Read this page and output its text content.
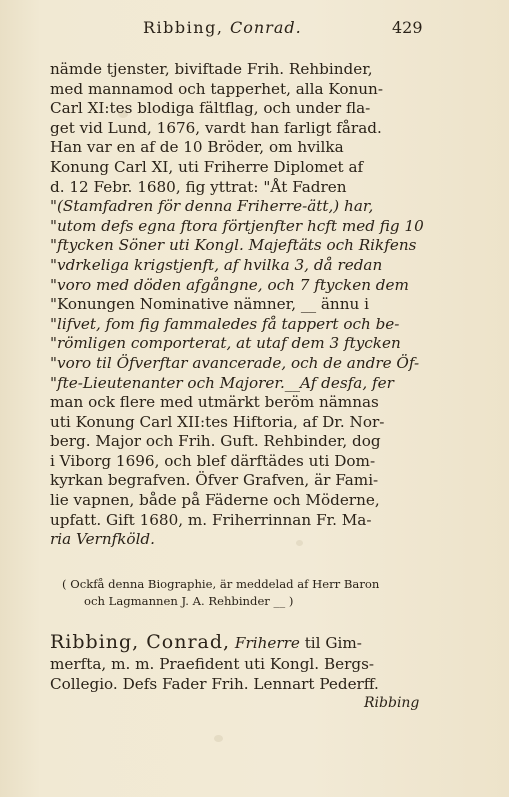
Ribbing, Conrad.	429
nämde tjenster, biviftade Frih. Rehbinder,
med mannamod och tapperhet, alla Konun-
Carl XI:tes blodiga fältflag, och under fla-
get vid Lund, 1676, vardt han farligt fårad.
Han var en af de 10 Bröder, om hvilka
Konung Carl XI, uti Friherre Diplomet af
d. 12 Febr. 1680, fig yttrat: "Åt Fadren
"(Stamfadren för denna Friherre-ätt,) har,
"utom defs egna ftora förtjenfter hcft med fig 10
"ftycken Söner uti Kongl. Majeftäts och Rikfens
"vdrkeliga krigstjenft, af hvilka 3, då redan
"voro med döden afgångne, och 7 ftycken dem
"Konungen Nominative nämner, __ ännu i
"lifvet, fom fig fammaledes få tappert och be-
"römligen comporterat, at utaf dem 3 ftycken
"voro til Öfverftar avancerade, och de andre Öf-
"fte-Lieutenanter och Majorer.__Af desfa, fer
man ock flere med utmärkt beröm nämnas
uti Konung Carl XII:tes Hiftoria, af Dr. Nor-
berg. Major och Frih. Guft. Rehbinder, dog
i Viborg 1696, och blef därftädes uti Dom-
kyrkan begrafven. Öfver Grafven, är Fami-
lie vapnen, både på Fäderne och Möderne,
upfatt. Gift 1680, m. Friherrinnan Fr. Ma-
ria Vernfköld.
( Ockfå denna Biographie, är meddelad af Herr Baron
och Lagmannen J. A. Rehbinder __ )
Ribbing, Conrad, Friherre til Gim-
merfta, m. m. Praefident uti Kongl. Bergs-
Collegio. Defs Fader Frih. Lennart Pederff.
Ribbing
